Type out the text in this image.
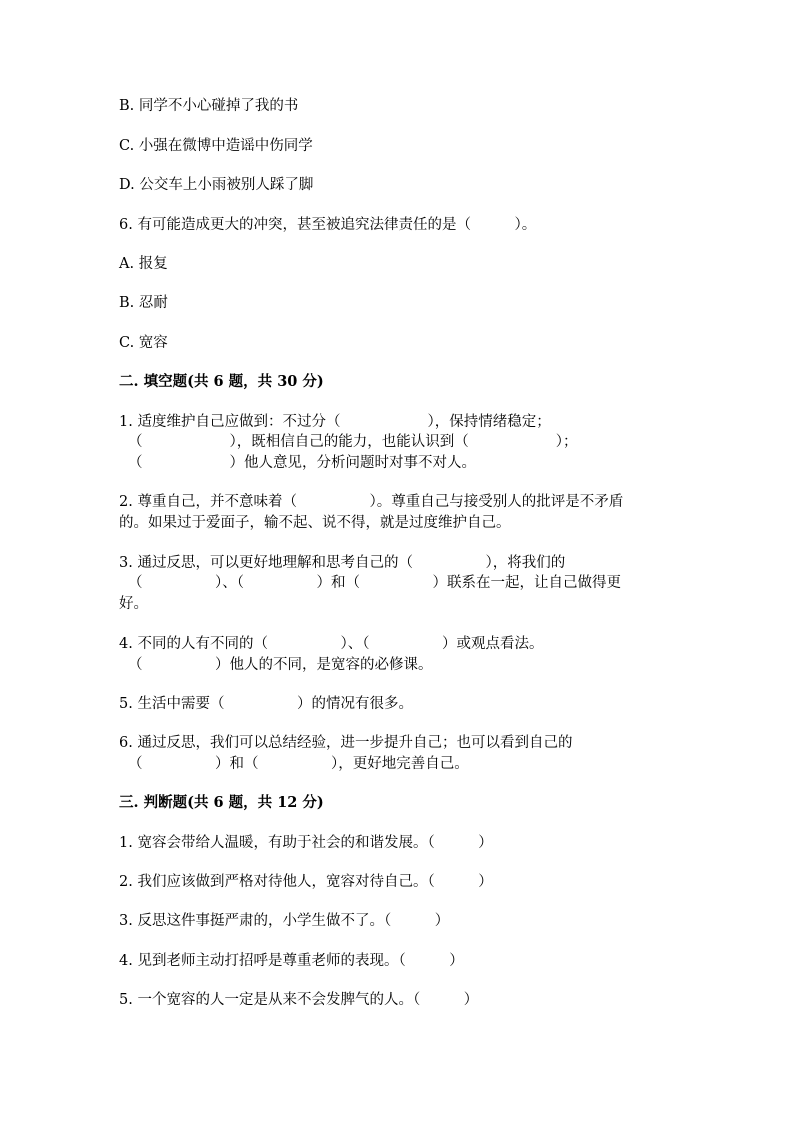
B. 同学不小心碰掉了我的书
C. 小强在微博中造谣中伤同学
D. 公交车上小雨被别人踩了脚
6. 有可能造成更大的冲突，甚至被追究法律责任的是（　　　）。
A. 报复
B. 忍耐
C. 宽容
二. 填空题(共 6 题，共 30 分)
1. 适度维护自己应做到：不过分（　　　　　　），保持情绪稳定；
（　　　　　　），既相信自己的能力，也能认识到（　　　　　　）；
（　　　　　　）他人意见，分析问题时对事不对人。
2. 尊重自己，并不意味着（　　　　　）。尊重自己与接受别人的批评是不矛盾
的。如果过于爱面子，输不起、说不得，就是过度维护自己。
3. 通过反思，可以更好地理解和思考自己的（　　　　　），将我们的
（　　　　　）、（　　　　　）和（　　　　　）联系在一起，让自己做得更
好。
4. 不同的人有不同的（　　　　　）、（　　　　　）或观点看法。
（　　　　　）他人的不同，是宽容的必修课。
5. 生活中需要（　　　　　）的情况有很多。
6. 通过反思，我们可以总结经验，进一步提升自己；也可以看到自己的
（　　　　　）和（　　　　　），更好地完善自己。
三. 判断题(共 6 题，共 12 分)
1. 宽容会带给人温暖，有助于社会的和谐发展。（　　　）
2. 我们应该做到严格对待他人，宽容对待自己。（　　　）
3. 反思这件事挺严肃的，小学生做不了。（　　　）
4. 见到老师主动打招呼是尊重老师的表现。（　　　）
5. 一个宽容的人一定是从来不会发脾气的人。（　　　）
